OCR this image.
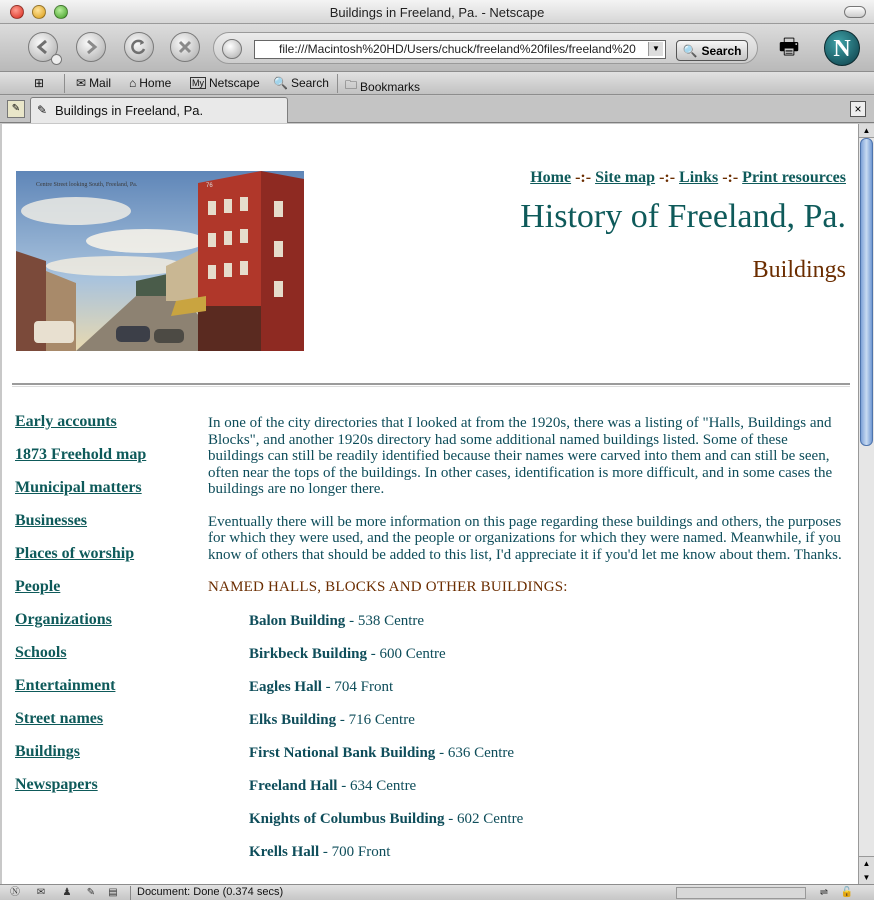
Buildings in Freeland, Pa. - Netscape
file:///Macintosh%20HD/Users/chuck/freeland%20files/freeland%20	▼ 🔍 Search	🖶	N
⊞	✉ Mail ⌂ Home My Netscape 🔍 Search 🗀 Bookmarks
✎	✎ Buildings in Freeland, Pa.	×
Centre Street looking South, Freeland, Pa.	76	Home -:- Site map -:- Links -:- Print resources
History of Freeland, Pa.
Buildings
Early accounts
1873 Freehold map
Municipal matters
Businesses
Places of worship
People
Organizations
Schools
Entertainment
Street names
Buildings
Newspapers

In one of the city directories that I looked at from the 1920s, there was a listing of "Halls, Buildings and Blocks", and another 1920s directory had some additional named buildings listed. Some of these buildings can still be readily identified because their names were carved into them and can still be seen, often near the tops of the buildings. In other cases, identification is more difficult, and in some cases the buildings are no longer there.

Eventually there will be more information on this page regarding these buildings and others, the purposes for which they were used, and the people or organizations for which they were named. Meanwhile, if you know of others that should be added to this list, I'd appreciate it if you'd let me know about them. Thanks.

NAMED HALLS, BLOCKS AND OTHER BUILDINGS:
Balon Building - 538 Centre
Birkbeck Building - 600 Centre
Eagles Hall - 704 Front
Elks Building - 716 Centre
First National Bank Building - 636 Centre
Freeland Hall - 634 Centre
Knights of Columbus Building - 602 Centre
Krells Hall - 700 Front
▲
▲
▼
Ⓝ ✉ ♟ ✎ ▤ Document: Done (0.374 secs)	⇌	🔓
